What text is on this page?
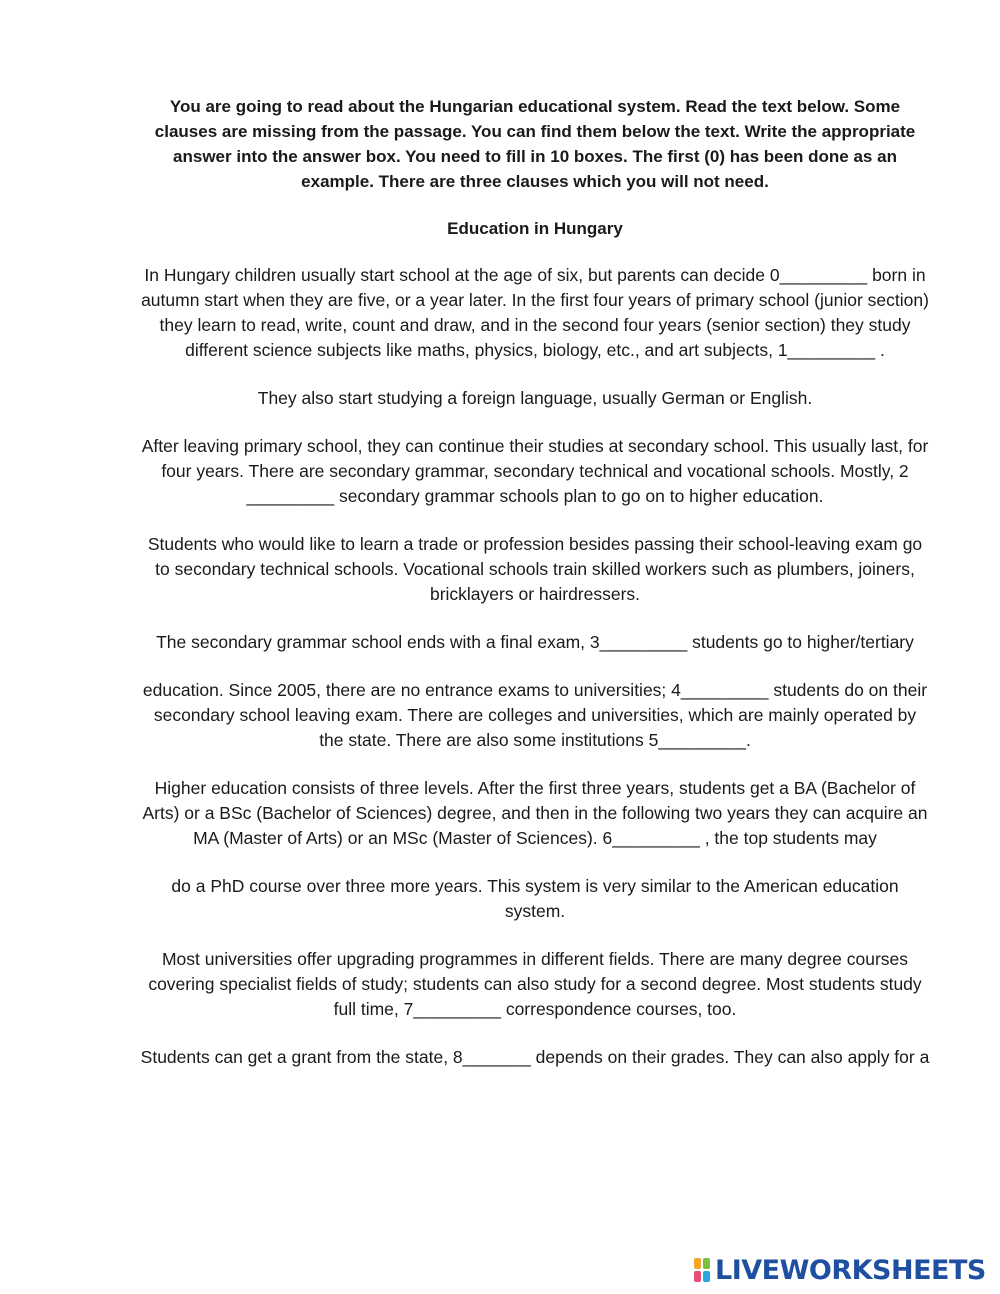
You are going to read about the Hungarian educational system. Read the text below. Some clauses are missing from the passage. You can find them below the text. Write the appropriate answer into the answer box. You need to fill in 10 boxes. The first (0) has been done as an example. There are three clauses which you will not need.

Education in Hungary

In Hungary children usually start school at the age of six, but parents can decide 0_________ born in autumn start when they are five, or a year later. In the first four years of primary school (junior section) they learn to read, write, count and draw, and in the second four years (senior section) they study different science subjects like maths, physics, biology, etc., and art subjects, 1_________ .

They also start studying a foreign language, usually German or English.

After leaving primary school, they can continue their studies at secondary school. This usually last, for four years. There are secondary grammar, secondary technical and vocational schools. Mostly, 2 _________ secondary grammar schools plan to go on to higher education.

Students who would like to learn a trade or profession besides passing their school-leaving exam go to secondary technical schools. Vocational schools train skilled workers such as plumbers, joiners, bricklayers or hairdressers.

The secondary grammar school ends with a final exam, 3_________ students go to higher/tertiary

education. Since 2005, there are no entrance exams to universities; 4_________ students do on their secondary school leaving exam. There are colleges and universities, which are mainly operated by the state. There are also some institutions 5_________.

Higher education consists of three levels. After the first three years, students get a BA (Bachelor of Arts) or a BSc (Bachelor of Sciences) degree, and then in the following two years they can acquire an MA (Master of Arts) or an MSc (Master of Sciences). 6_________ , the top students may

do a PhD course over three more years. This system is very similar to the American education system.

Most universities offer upgrading programmes in different fields. There are many degree courses covering specialist fields of study; students can also study for a second degree. Most students study full time, 7_________ correspondence courses, too.

Students can get a grant from the state, 8_______ depends on their grades. They can also apply for a

LIVEWORKSHEETS
